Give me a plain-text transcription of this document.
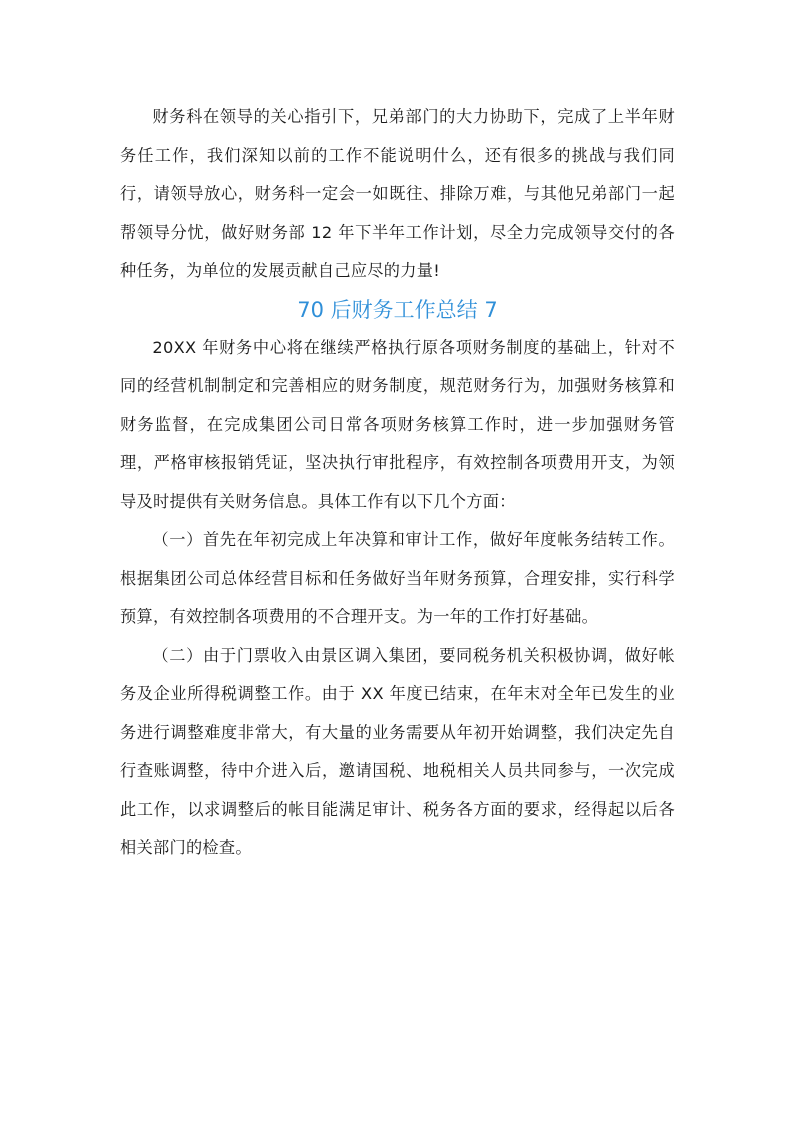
财务科在领导的关心指引下，兄弟部门的大力协助下，完成了上半年财务任工作，我们深知以前的工作不能说明什么，还有很多的挑战与我们同行，请领导放心，财务科一定会一如既往、排除万难，与其他兄弟部门一起帮领导分忧，做好财务部 12 年下半年工作计划，尽全力完成领导交付的各种任务，为单位的发展贡献自己应尽的力量!

70 后财务工作总结 7

20XX 年财务中心将在继续严格执行原各项财务制度的基础上，针对不同的经营机制制定和完善相应的财务制度，规范财务行为，加强财务核算和财务监督，在完成集团公司日常各项财务核算工作时，进一步加强财务管理，严格审核报销凭证，坚决执行审批程序，有效控制各项费用开支，为领导及时提供有关财务信息。具体工作有以下几个方面：

（一）首先在年初完成上年决算和审计工作，做好年度帐务结转工作。根据集团公司总体经营目标和任务做好当年财务预算，合理安排，实行科学预算，有效控制各项费用的不合理开支。为一年的工作打好基础。

（二）由于门票收入由景区调入集团，要同税务机关积极协调，做好帐务及企业所得税调整工作。由于 XX 年度已结束，在年末对全年已发生的业务进行调整难度非常大，有大量的业务需要从年初开始调整，我们决定先自行查账调整，待中介进入后，邀请国税、地税相关人员共同参与，一次完成此工作，以求调整后的帐目能满足审计、税务各方面的要求，经得起以后各相关部门的检查。
